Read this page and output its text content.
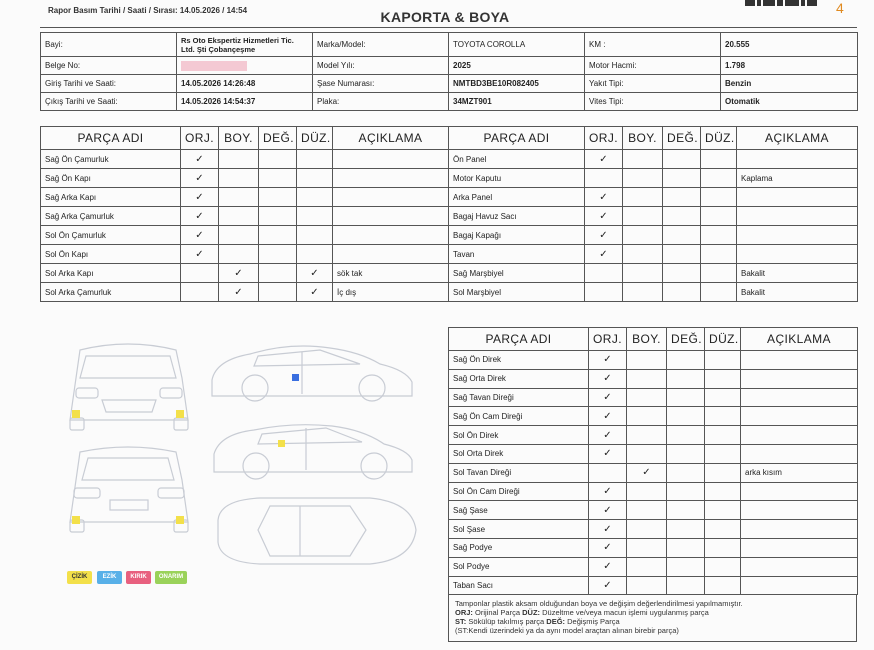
Rapor Basım Tarihi / Saati / Sırası: 14.05.2026 / 14:54	KAPORTA & BOYA
4
Bayi:	Rs Oto Ekspertiz Hizmetleri Tic. Ltd. Şti Çobançeşme	Marka/Model:	TOYOTA COROLLA	KM :	20.555
Belge No:		Model Yılı:	2025	Motor Hacmi:	1.798
Giriş Tarihi ve Saati:	14.05.2026 14:26:48	Şase Numarası:	NMTBD3BE10R082405	Yakıt Tipi:	Benzin
Çıkış Tarihi ve Saati:	14.05.2026 14:54:37	Plaka:	34MZT901	Vites Tipi:	Otomatik
PARÇA ADI	ORJ.	BOY.	DEĞ.	DÜZ.	AÇIKLAMA
Sağ Ön Çamurluk	✓				
Sağ Ön Kapı	✓				
Sağ Arka Kapı	✓				
Sağ Arka Çamurluk	✓				
Sol Ön Çamurluk	✓				
Sol Ön Kapı	✓				
Sol Arka Kapı		✓		✓	sök tak
Sol Arka Çamurluk		✓		✓	İç dış
PARÇA ADI	ORJ.	BOY.	DEĞ.	DÜZ.	AÇIKLAMA
Ön Panel	✓				
Motor Kaputu					Kaplama
Arka Panel	✓				
Bagaj Havuz Sacı	✓				
Bagaj Kapağı	✓				
Tavan	✓				
Sağ Marşbiyel					Bakalit
Sol Marşbiyel					Bakalit
PARÇA ADI	ORJ.	BOY.	DEĞ.	DÜZ.	AÇIKLAMA
Sağ Ön Direk	✓				
Sağ Orta Direk	✓				
Sağ Tavan Direği	✓				
Sağ Ön Cam Direği	✓				
Sol Ön Direk	✓				
Sol Orta Direk	✓				
Sol Tavan Direği		✓			arka kısım
Sol Ön Cam Direği	✓				
Sağ Şase	✓				
Sol Şase	✓				
Sağ Podye	✓				
Sol Podye	✓				
Taban Sacı	✓				
Tamponlar plastik aksam olduğundan boya ve değişim değerlendirilmesi yapılmamıştır.
ORJ: Orijinal Parça DÜZ: Düzeltme ve/veya macun işlemi uygulanmış parça
ST: Sökülüp takılmış parça DEĞ: Değişmiş Parça
(ST:Kendi üzerindeki ya da aynı model araçtan alınan birebir parça)
ÇİZİK	EZİK	KIRIK	ONARIM
